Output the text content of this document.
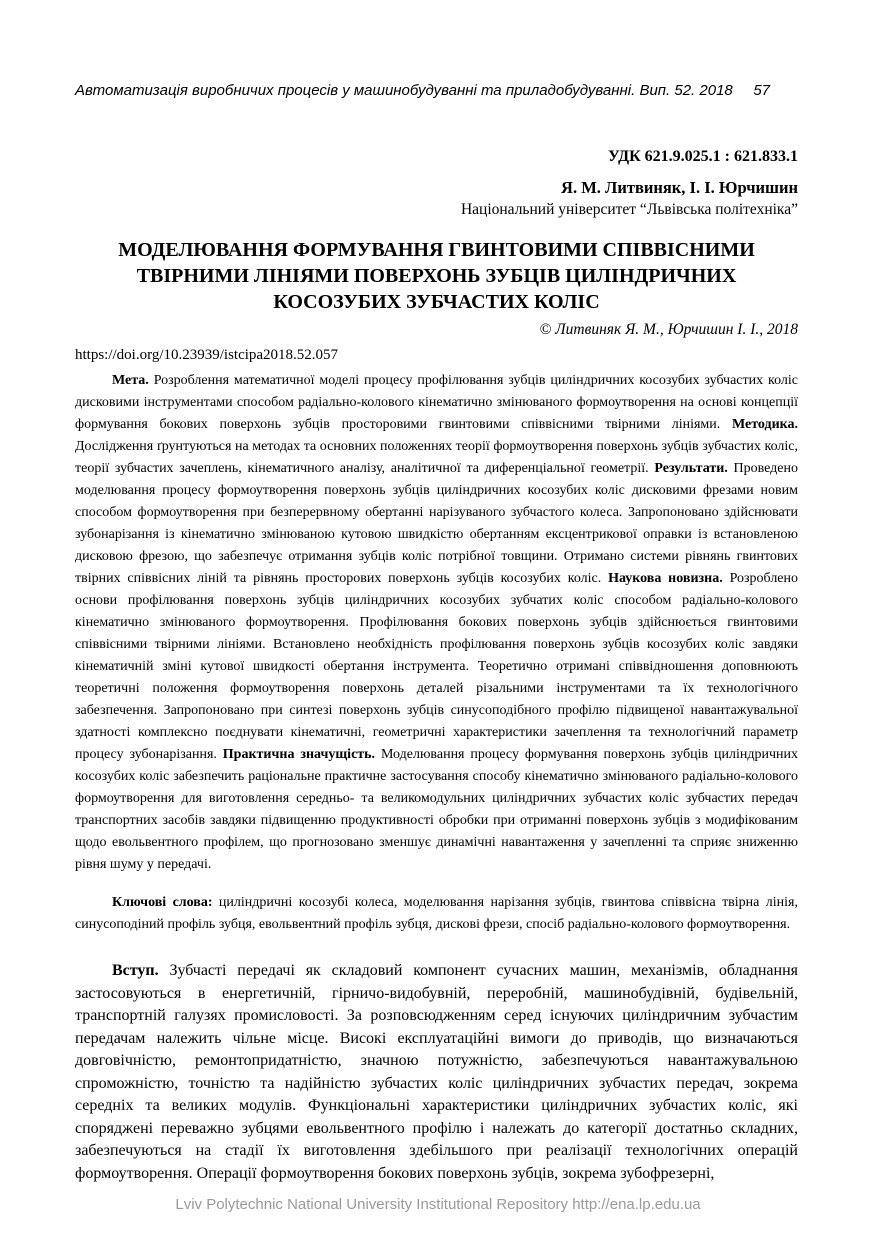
Автоматизація виробничих процесів у машинобудуванні та приладобудуванні. Вип. 52. 2018 57
УДК 621.9.025.1 : 621.833.1
Я. М. Литвиняк, І. І. Юрчишин
Національний університет “Львівська політехніка”
МОДЕЛЮВАННЯ ФОРМУВАННЯ ГВИНТОВИМИ СПІВВІСНИМИ
ТВІРНИМИ ЛІНІЯМИ ПОВЕРХОНЬ ЗУБЦІВ ЦИЛІНДРИЧНИХ
КОСОЗУБИХ ЗУБЧАСТИХ КОЛІС
© Литвиняк Я. М., Юрчишин І. І., 2018
https://doi.org/10.23939/istcipa2018.52.057

Мета. Розроблення математичної моделі процесу профілювання зубців циліндричних косозубих зубчастих коліс дисковими інструментами способом радіально-колового кінематично змінюваного формоутворення на основі концепції формування бокових поверхонь зубців просторовими гвинтовими співвісними твірними лініями. Методика. Дослідження ґрунтуються на методах та основних положеннях теорії формоутворення поверхонь зубців зубчастих коліс, теорії зубчастих зачеплень, кінематичного аналізу, аналітичної та диференціальної геометрії. Результати. Проведено моделювання процесу формоутворення поверхонь зубців циліндричних косозубих коліс дисковими фрезами новим способом формоутворення при безперервному обертанні нарізуваного зубчастого колеса. Запропоновано здійснювати зубонарізання із кінематично змінюваною кутовою швидкістю обертанням ексцентрикової оправки із встановленою дисковою фрезою, що забезпечує отримання зубців коліс потрібної товщини. Отримано системи рівнянь гвинтових твірних співвісних ліній та рівнянь просторових поверхонь зубців косозубих коліс. Наукова новизна. Розроблено основи профілювання поверхонь зубців циліндричних косозубих зубчатих коліс способом радіально-колового кінематично змінюваного формоутворення. Профілювання бокових поверхонь зубців здійснюється гвинтовими співвісними твірними лініями. Встановлено необхідність профілювання поверхонь зубців косозубих коліс завдяки кінематичній зміні кутової швидкості обертання інструмента. Теоретично отримані співвідношення доповнюють теоретичні положення формоутворення поверхонь деталей різальними інструментами та їх технологічного забезпечення. Запропоновано при синтезі поверхонь зубців синусоподібного профілю підвищеної навантажувальної здатності комплексно поєднувати кінематичні, геометричні характеристики зачеплення та технологічний параметр процесу зубонарізання. Практична значущість. Моделювання процесу формування поверхонь зубців циліндричних косозубих коліс забезпечить раціональне практичне застосування способу кінематично змінюваного радіально-колового формоутворення для виготовлення середньо- та великомодульних циліндричних зубчастих коліс зубчастих передач транспортних засобів завдяки підвищенню продуктивності обробки при отриманні поверхонь зубців з модифікованим щодо евольвентного профілем, що прогнозовано зменшує динамічні навантаження у зачепленні та сприяє зниженню рівня шуму у передачі.

Ключові слова: циліндричні косозубі колеса, моделювання нарізання зубців, гвинтова співвісна твірна лінія, синусоподіний профіль зубця, евольвентний профіль зубця, дискові фрези, спосіб радіально-колового формоутворення.

Вступ. Зубчасті передачі як складовий компонент сучасних машин, механізмів, обладнання застосовуються в енергетичній, гірничо-видобувній, переробній, машинобудівній, будівельній, транспортній галузях промисловості. За розповсюдженням серед існуючих циліндричним зубчастим передачам належить чільне місце. Високі експлуатаційні вимоги до приводів, що визначаються довговічністю, ремонтопридатністю, значною потужністю, забезпечуються навантажувальною спроможністю, точністю та надійністю зубчастих коліс циліндричних зубчастих передач, зокрема середніх та великих модулів. Функціональні характеристики циліндричних зубчастих коліс, які споряджені переважно зубцями евольвентного профілю і належать до категорії достатньо складних, забезпечуються на стадії їх виготовлення здебільшого при реалізації технологічних операцій формоутворення. Операції формоутворення бокових поверхонь зубців, зокрема зубофрезерні,

Lviv Polytechnic National University Institutional Repository http://ena.lp.edu.ua
